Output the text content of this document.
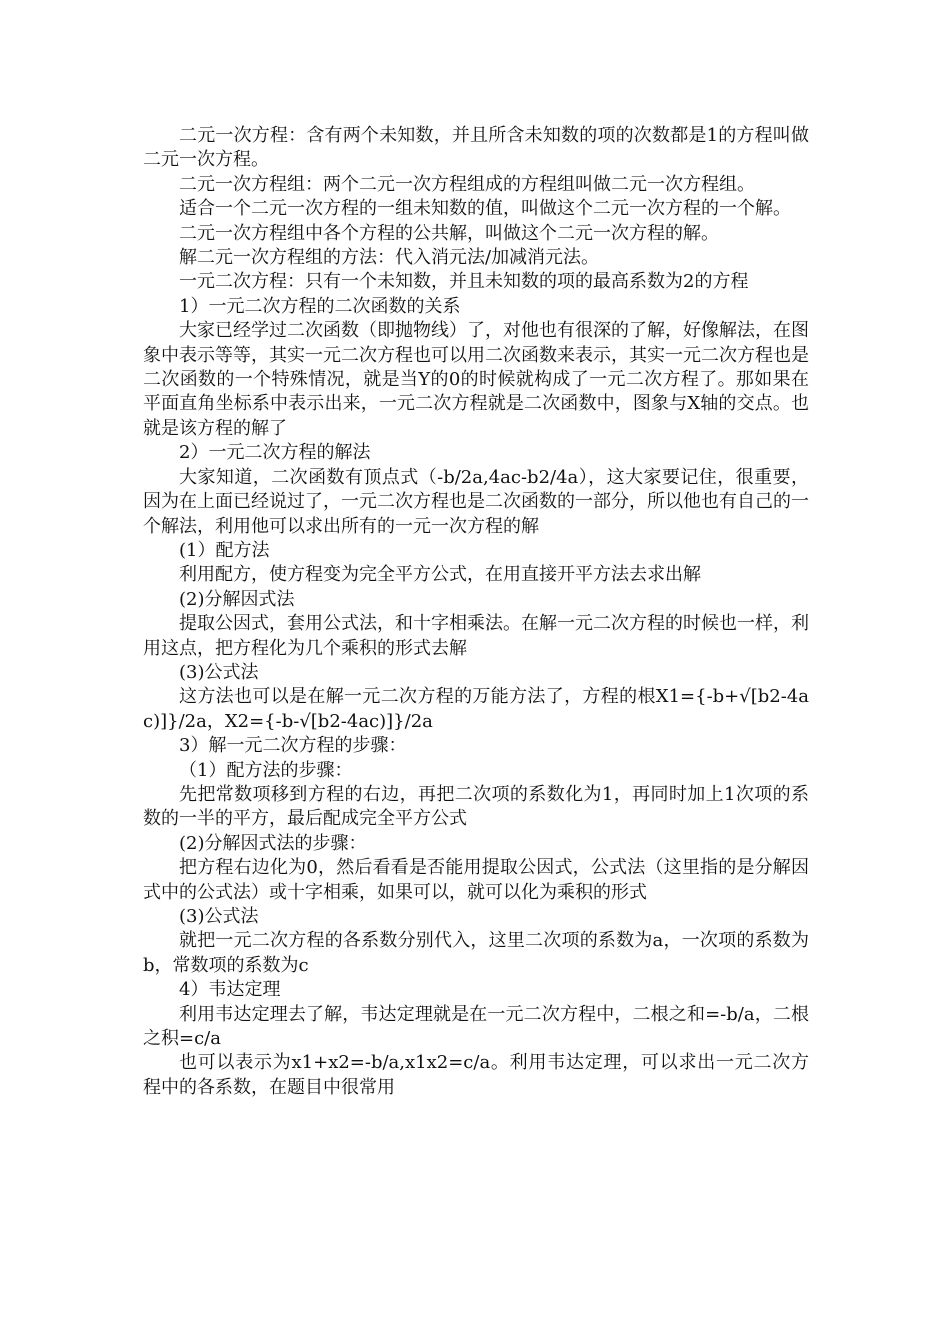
二元一次方程：含有两个未知数，并且所含未知数的项的次数都是1的方程叫做二元一次方程。

二元一次方程组：两个二元一次方程组成的方程组叫做二元一次方程组。

适合一个二元一次方程的一组未知数的值，叫做这个二元一次方程的一个解。

二元一次方程组中各个方程的公共解，叫做这个二元一次方程的解。

解二元一次方程组的方法：代入消元法/加减消元法。

一元二次方程：只有一个未知数，并且未知数的项的最高系数为2的方程

1）一元二次方程的二次函数的关系

大家已经学过二次函数（即抛物线）了，对他也有很深的了解，好像解法，在图象中表示等等，其实一元二次方程也可以用二次函数来表示，其实一元二次方程也是二次函数的一个特殊情况，就是当Y的0的时候就构成了一元二次方程了。那如果在平面直角坐标系中表示出来，一元二次方程就是二次函数中，图象与X轴的交点。也就是该方程的解了

2）一元二次方程的解法

大家知道，二次函数有顶点式（-b/2a,4ac-b2/4a），这大家要记住，很重要，因为在上面已经说过了，一元二次方程也是二次函数的一部分，所以他也有自己的一个解法，利用他可以求出所有的一元一次方程的解

(1）配方法

利用配方，使方程变为完全平方公式，在用直接开平方法去求出解

(2)分解因式法

提取公因式，套用公式法，和十字相乘法。在解一元二次方程的时候也一样，利用这点，把方程化为几个乘积的形式去解

(3)公式法

这方法也可以是在解一元二次方程的万能方法了，方程的根X1={-b+√[b2-4ac)]}/2a，X2={-b-√[b2-4ac)]}/2a

3）解一元二次方程的步骤：

（1）配方法的步骤：

先把常数项移到方程的右边，再把二次项的系数化为1，再同时加上1次项的系数的一半的平方，最后配成完全平方公式

(2)分解因式法的步骤：

把方程右边化为0，然后看看是否能用提取公因式，公式法（这里指的是分解因式中的公式法）或十字相乘，如果可以，就可以化为乘积的形式

(3)公式法

就把一元二次方程的各系数分别代入，这里二次项的系数为a，一次项的系数为b，常数项的系数为c

4）韦达定理

利用韦达定理去了解，韦达定理就是在一元二次方程中，二根之和=-b/a，二根之积=c/a

也可以表示为x1+x2=-b/a,x1x2=c/a。利用韦达定理，可以求出一元二次方程中的各系数，在题目中很常用
